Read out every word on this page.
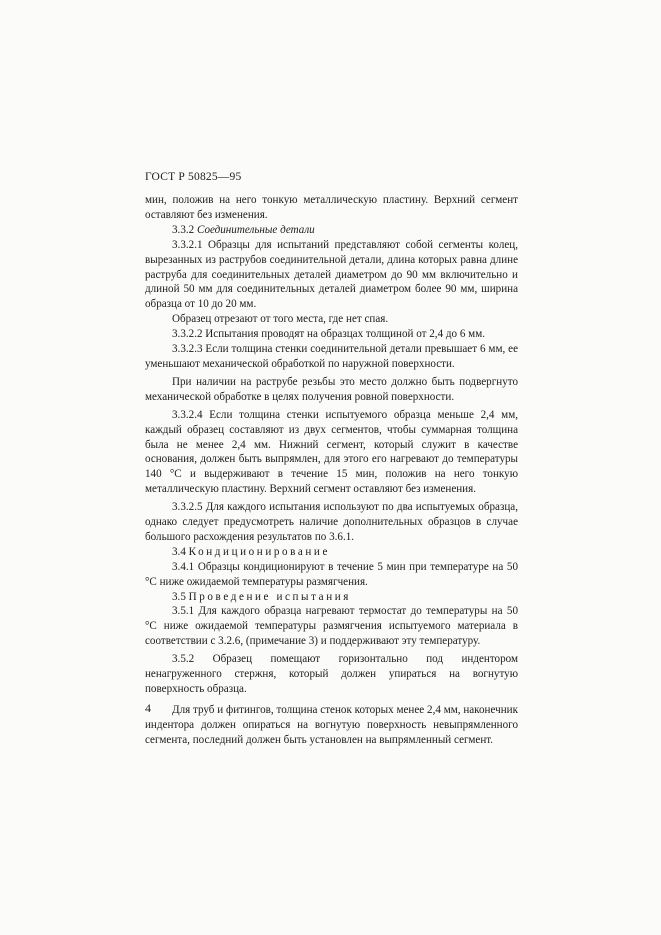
ГОСТ Р 50825—95

мин, положив на него тонкую металлическую пластину. Верхний сегмент оставляют без изменения.

3.3.2 Соединительные детали

3.3.2.1 Образцы для испытаний представляют собой сегменты колец, вырезанных из раструбов соединительной детали, длина которых равна длине раструба для соединительных деталей диаметром до 90 мм включительно и длиной 50 мм для соединительных деталей диаметром более 90 мм, ширина образца от 10 до 20 мм.

Образец отрезают от того места, где нет спая.

3.3.2.2 Испытания проводят на образцах толщиной от 2,4 до 6 мм.

3.3.2.3 Если толщина стенки соединительной детали превышает 6 мм, ее уменьшают механической обработкой по наружной поверхности.

При наличии на раструбе резьбы это место должно быть подвергнуто механической обработке в целях получения ровной поверхности.

3.3.2.4 Если толщина стенки испытуемого образца меньше 2,4 мм, каждый образец составляют из двух сегментов, чтобы суммарная толщина была не менее 2,4 мм. Нижний сегмент, который служит в качестве основания, должен быть выпрямлен, для этого его нагревают до температуры 140 °С и выдерживают в течение 15 мин, положив на него тонкую металлическую пластину. Верхний сегмент оставляют без изменения.

3.3.2.5 Для каждого испытания используют по два испытуемых образца, однако следует предусмотреть наличие дополнительных образцов в случае большого расхождения результатов по 3.6.1.

3.4 Кондиционирование

3.4.1 Образцы кондиционируют в течение 5 мин при температуре на 50 °С ниже ожидаемой температуры размягчения.

3.5 Проведение испытания

3.5.1 Для каждого образца нагревают термостат до температуры на 50 °С ниже ожидаемой температуры размягчения испытуемого материала в соответствии с 3.2.6, (примечание 3) и поддерживают эту температуру.

3.5.2 Образец помещают горизонтально под индентором ненагруженного стержня, который должен упираться на вогнутую поверхность образца.

Для труб и фитингов, толщина стенок которых менее 2,4 мм, наконечник индентора должен опираться на вогнутую поверхность невыпрямленного сегмента, последний должен быть установлен на выпрямленный сегмент.

4
